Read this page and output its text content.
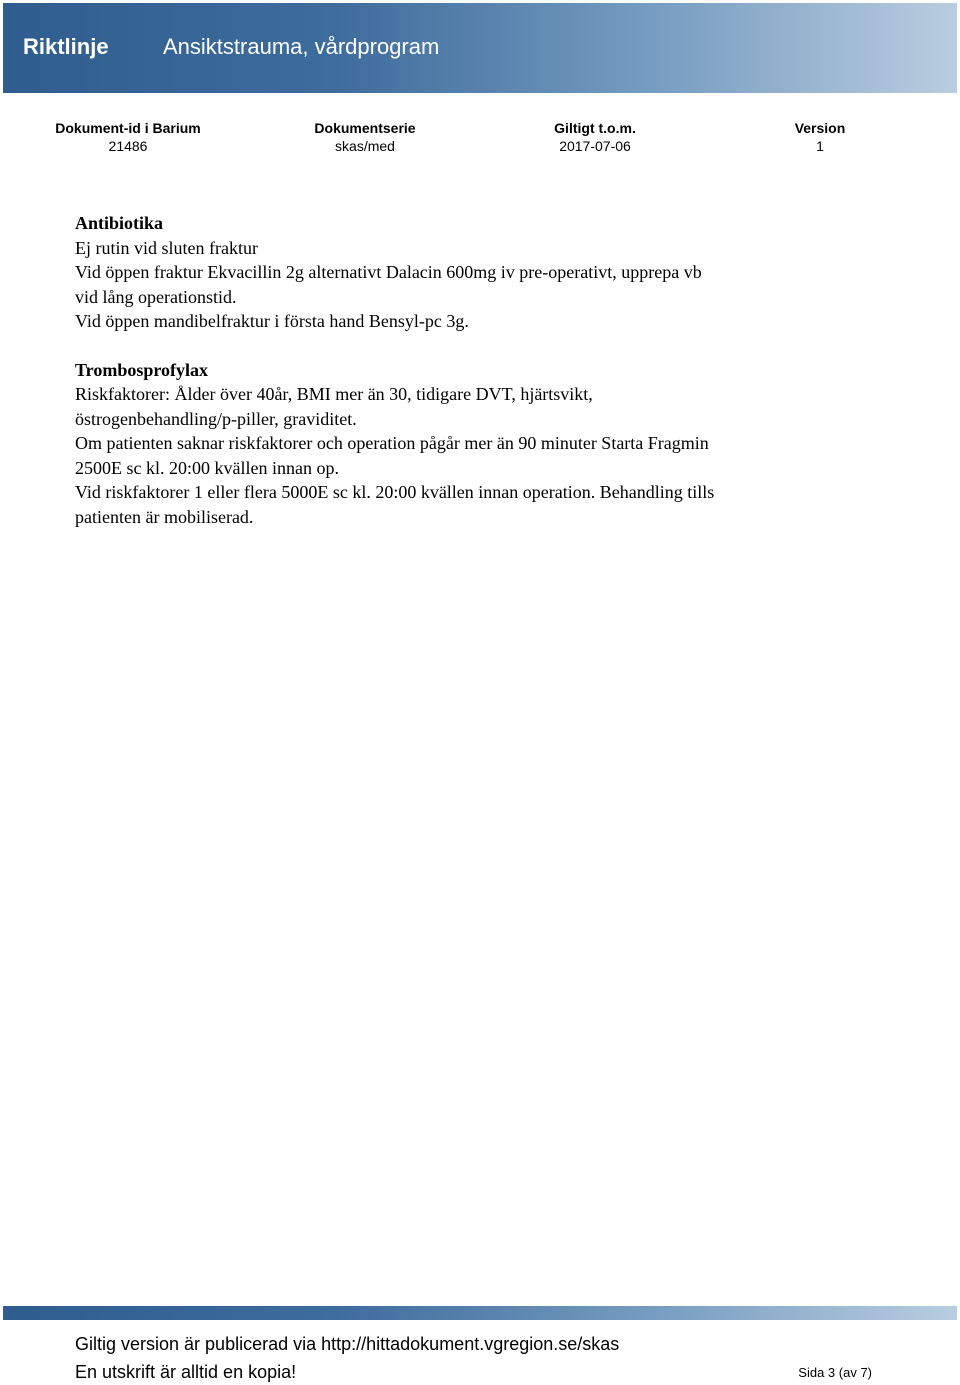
Riktlinje Ansiktstrauma, vårdprogram
Dokument-id i Barium
21486
Dokumentserie
skas/med
Giltigt t.o.m.
2017-07-06
Version
1

Antibiotika

Ej rutin vid sluten fraktur

Vid öppen fraktur Ekvacillin 2g alternativt Dalacin 600mg iv pre-operativt, upprepa vb

vid lång operationstid.

Vid öppen mandibelfraktur i första hand Bensyl-pc 3g.

Trombosprofylax

Riskfaktorer: Ålder över 40år, BMI mer än 30, tidigare DVT, hjärtsvikt,

östrogenbehandling/p-piller, graviditet.

Om patienten saknar riskfaktorer och operation pågår mer än 90 minuter Starta Fragmin

2500E sc kl. 20:00 kvällen innan op.

Vid riskfaktorer 1 eller flera 5000E sc kl. 20:00 kvällen innan operation. Behandling tills

patienten är mobiliserad.

Giltig version är publicerad via http://hittadokument.vgregion.se/skas
En utskrift är alltid en kopia!	Sida 3 (av 7)
